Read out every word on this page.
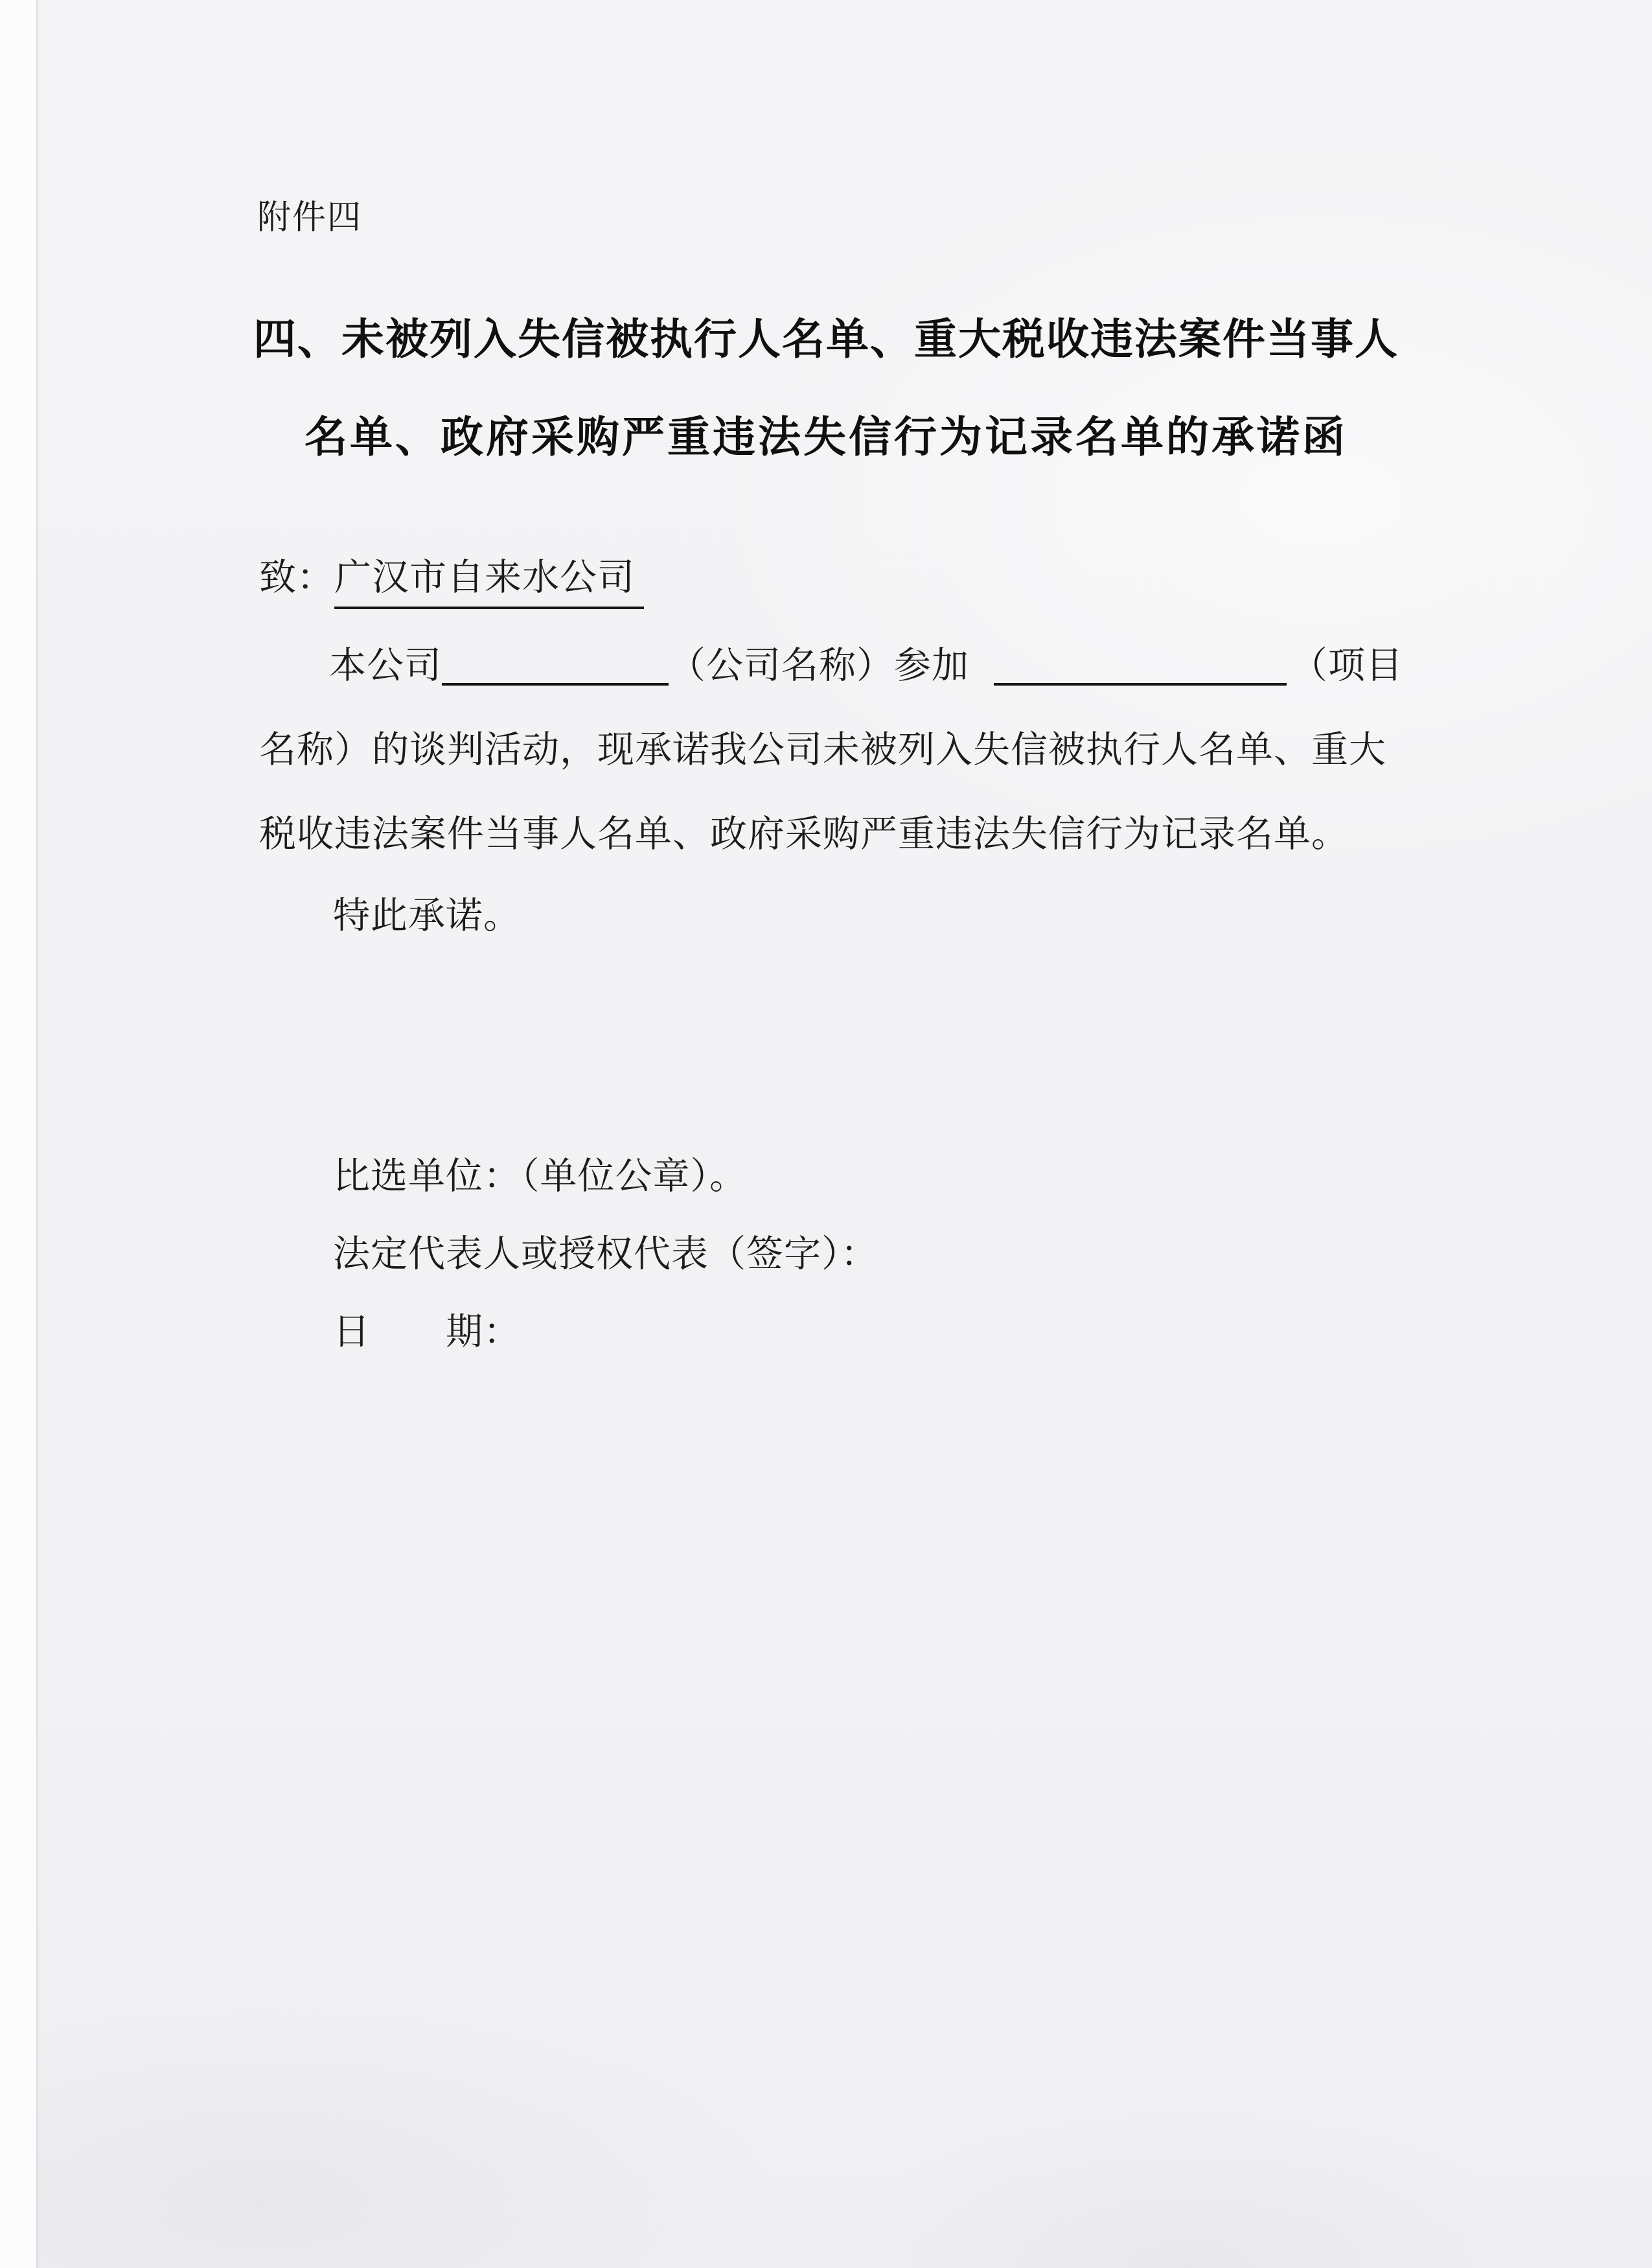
附件四
四、未被列入失信被执行人名单、重大税收违法案件当事人
名单、政府采购严重违法失信行为记录名单的承诺函
致：广汉市自来水公司
本公司	（公司名称）参加	（项目
名称）的谈判活动，现承诺我公司未被列入失信被执行人名单、重大
税收违法案件当事人名单、政府采购严重违法失信行为记录名单。
特此承诺。
比选单位：（单位公章）。
法定代表人或授权代表（签字）：
日　　期：
